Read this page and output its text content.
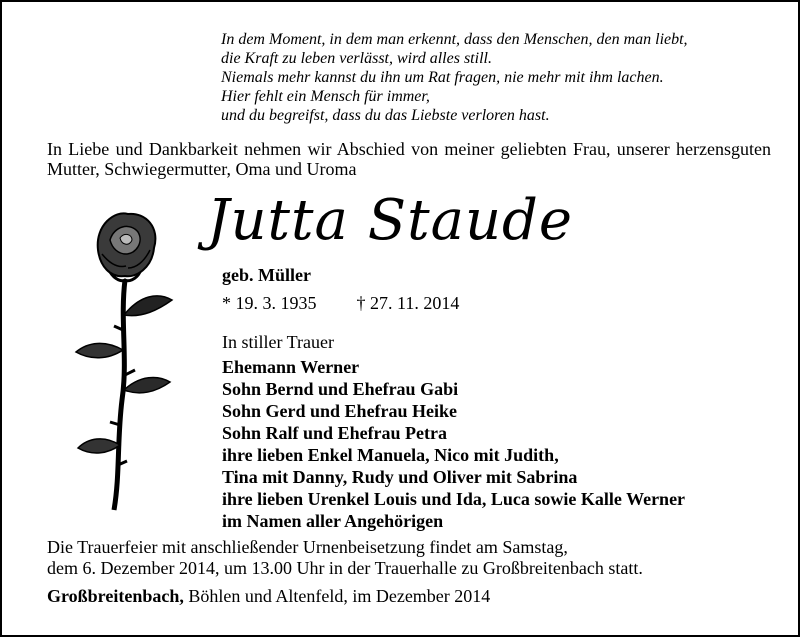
In dem Moment, in dem man erkennt, dass den Menschen, den man liebt,
die Kraft zu leben verlässt, wird alles still.
Niemals mehr kannst du ihn um Rat fragen, nie mehr mit ihm lachen.
Hier fehlt ein Mensch für immer,
und du begreifst, dass du das Liebste verloren hast.
In Liebe und Dankbarkeit nehmen wir Abschied von meiner geliebten Frau, unserer herzensguten Mutter, Schwiegermutter, Oma und Uroma
Jutta Staude
geb. Müller
* 19. 3. 1935 † 27. 11. 2014
In stiller Trauer
Ehemann Werner
Sohn Bernd und Ehefrau Gabi
Sohn Gerd und Ehefrau Heike
Sohn Ralf und Ehefrau Petra
ihre lieben Enkel Manuela, Nico mit Judith,
Tina mit Danny, Rudy und Oliver mit Sabrina
ihre lieben Urenkel Louis und Ida, Luca sowie Kalle Werner
im Namen aller Angehörigen
Die Trauerfeier mit anschließender Urnenbeisetzung findet am Samstag,
dem 6. Dezember 2014, um 13.00 Uhr in der Trauerhalle zu Großbreitenbach statt.
Großbreitenbach, Böhlen und Altenfeld, im Dezember 2014
